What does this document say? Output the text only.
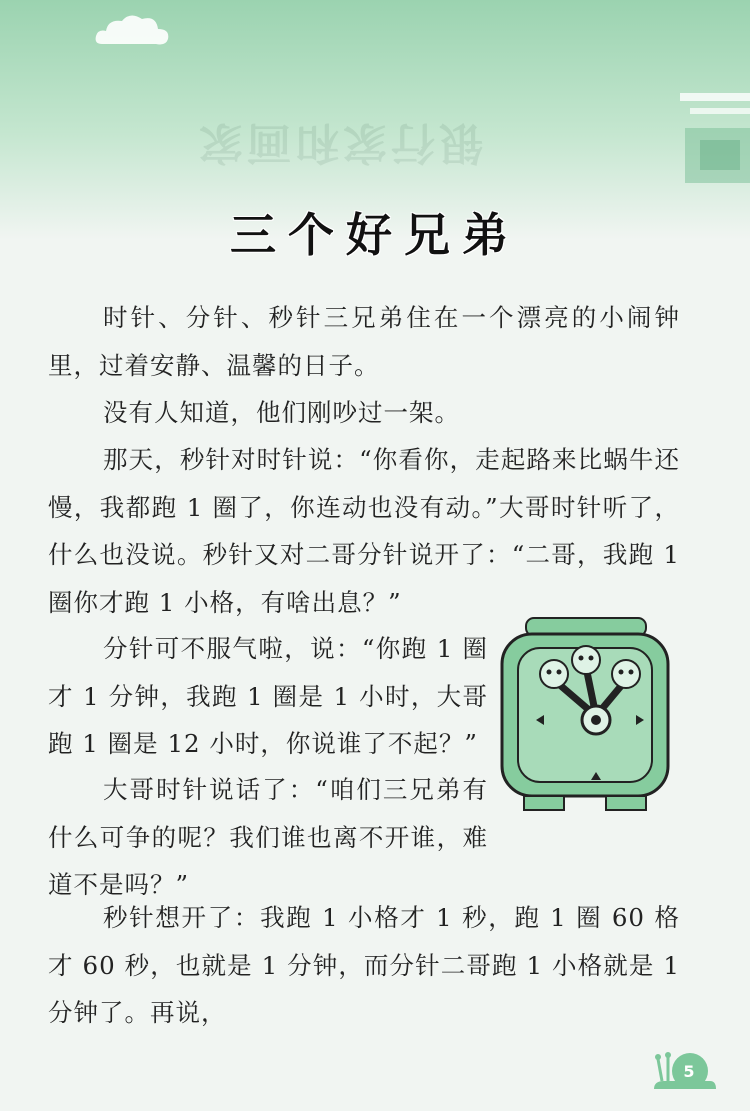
银行家和画家
三个好兄弟

时针、分针、秒针三兄弟住在一个漂亮的小闹钟里，过着安静、温馨的日子。

没有人知道，他们刚吵过一架。

那天，秒针对时针说：“你看你，走起路来比蜗牛还慢，我都跑 1 圈了，你连动也没有动。”大哥时针听了，什么也没说。秒针又对二哥分针说开了：“二哥，我跑 1 圈你才跑 1 小格，有啥出息？”

分针可不服气啦，说：“你跑 1 圈才 1 分钟，我跑 1 圈是 1 小时，大哥跑 1 圈是 12 小时，你说谁了不起？”

大哥时针说话了：“咱们三兄弟有什么可争的呢？我们谁也离不开谁，难道不是吗？”

秒针想开了：我跑 1 小格才 1 秒，跑 1 圈 60 格才 60 秒，也就是 1 分钟，而分针二哥跑 1 小格就是 1 分钟了。再说，

5
